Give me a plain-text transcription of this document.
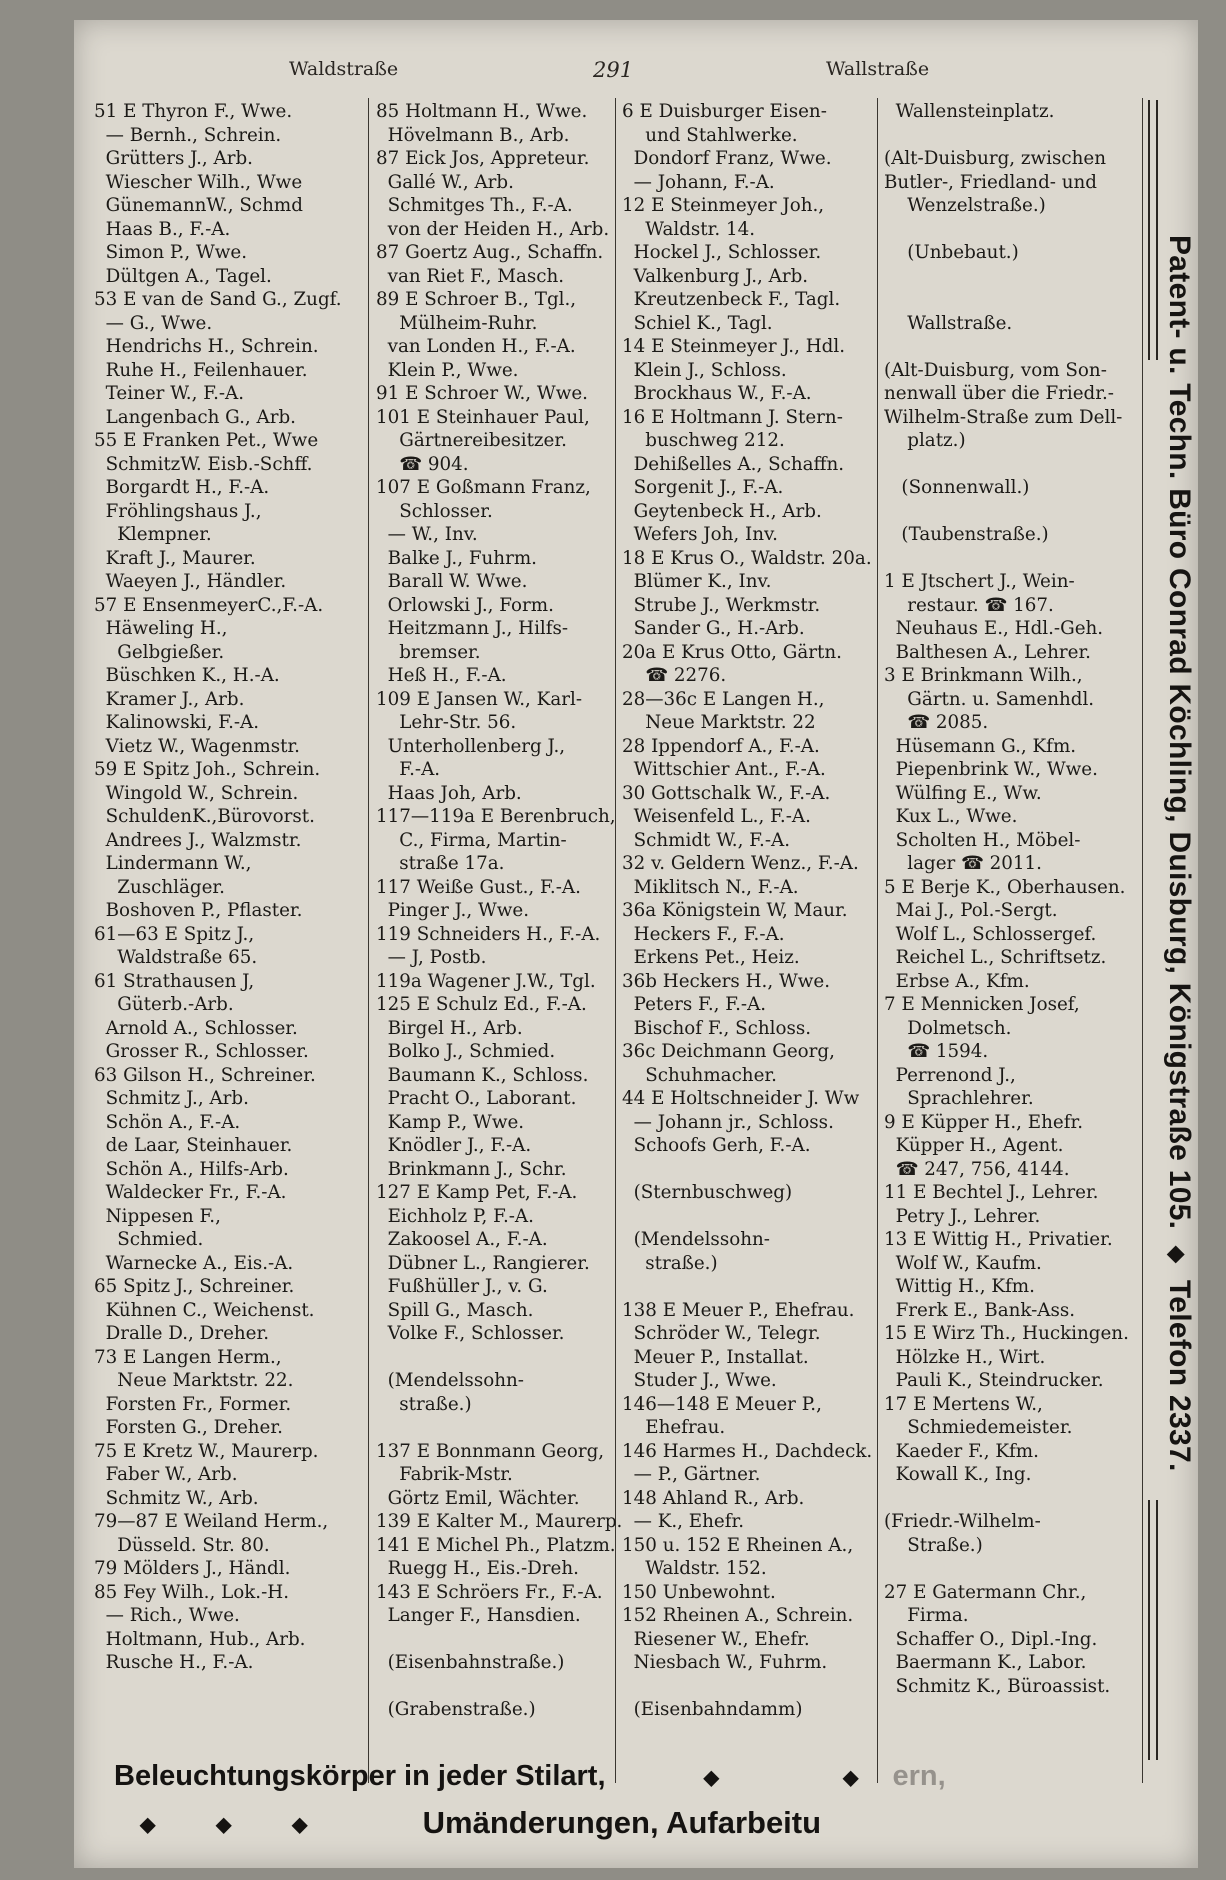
Waldstraße	291	Wallstraße
51 E Thyron F., Wwe.
— Bernh., Schrein.
Grütters J., Arb.
Wiescher Wilh., Wwe
GünemannW., Schmd
Haas B., F.-A.
Simon P., Wwe.
Dültgen A., Tagel.
53 E van de Sand G., Zugf.
— G., Wwe.
Hendrichs H., Schrein.
Ruhe H., Feilenhauer.
Teiner W., F.-A.
Langenbach G., Arb.
55 E Franken Pet., Wwe
SchmitzW. Eisb.-Schff.
Borgardt H., F.-A.
Fröhlingshaus J.,
Klempner.
Kraft J., Maurer.
Waeyen J., Händler.
57 E EnsenmeyerC.,F.-A.
Häweling H.,
Gelbgießer.
Büschken K., H.-A.
Kramer J., Arb.
Kalinowski, F.-A.
Vietz W., Wagenmstr.
59 E Spitz Joh., Schrein.
Wingold W., Schrein.
SchuldenK.,Bürovorst.
Andrees J., Walzmstr.
Lindermann W.,
Zuschläger.
Boshoven P., Pflaster.
61—63 E Spitz J.,
Waldstraße 65.
61 Strathausen J,
Güterb.-Arb.
Arnold A., Schlosser.
Grosser R., Schlosser.
63 Gilson H., Schreiner.
Schmitz J., Arb.
Schön A., F.-A.
de Laar, Steinhauer.
Schön A., Hilfs-Arb.
Waldecker Fr., F.-A.
Nippesen F.,
Schmied.
Warnecke A., Eis.-A.
65 Spitz J., Schreiner.
Kühnen C., Weichenst.
Dralle D., Dreher.
73 E Langen Herm.,
Neue Marktstr. 22.
Forsten Fr., Former.
Forsten G., Dreher.
75 E Kretz W., Maurerp.
Faber W., Arb.
Schmitz W., Arb.
79—87 E Weiland Herm.,
Düsseld. Str. 80.
79 Mölders J., Händl.
85 Fey Wilh., Lok.-H.
— Rich., Wwe.
Holtmann, Hub., Arb.
Rusche H., F.-A.
85 Holtmann H., Wwe.
Hövelmann B., Arb.
87 Eick Jos, Appreteur.
Gallé W., Arb.
Schmitges Th., F.-A.
von der Heiden H., Arb.
87 Goertz Aug., Schaffn.
van Riet F., Masch.
89 E Schroer B., Tgl.,
Mülheim-Ruhr.
van Londen H., F.-A.
Klein P., Wwe.
91 E Schroer W., Wwe.
101 E Steinhauer Paul,
Gärtnereibesitzer.
☎ 904.
107 E Goßmann Franz,
Schlosser.
— W., Inv.
Balke J., Fuhrm.
Barall W. Wwe.
Orlowski J., Form.
Heitzmann J., Hilfs-
bremser.
Heß H., F.-A.
109 E Jansen W., Karl-
Lehr-Str. 56.
Unterhollenberg J.,
F.-A.
Haas Joh, Arb.
117—119a E Berenbruch,
C., Firma, Martin-
straße 17a.
117 Weiße Gust., F.-A.
Pinger J., Wwe.
119 Schneiders H., F.-A.
— J, Postb.
119a Wagener J.W., Tgl.
125 E Schulz Ed., F.-A.
Birgel H., Arb.
Bolko J., Schmied.
Baumann K., Schloss.
Pracht O., Laborant.
Kamp P., Wwe.
Knödler J., F.-A.
Brinkmann J., Schr.
127 E Kamp Pet, F.-A.
Eichholz P, F.-A.
Zakoosel A., F.-A.
Dübner L., Rangierer.
Fußhüller J., v. G.
Spill G., Masch.
Volke F., Schlosser.
(Mendelssohn-
straße.)
137 E Bonnmann Georg,
Fabrik-Mstr.
Görtz Emil, Wächter.
139 E Kalter M., Maurerp.
141 E Michel Ph., Platzm.
Ruegg H., Eis.-Dreh.
143 E Schröers Fr., F.-A.
Langer F., Hansdien.
(Eisenbahnstraße.)
(Grabenstraße.)
6 E Duisburger Eisen-
und Stahlwerke.
Dondorf Franz, Wwe.
— Johann, F.-A.
12 E Steinmeyer Joh.,
Waldstr. 14.
Hockel J., Schlosser.
Valkenburg J., Arb.
Kreutzenbeck F., Tagl.
Schiel K., Tagl.
14 E Steinmeyer J., Hdl.
Klein J., Schloss.
Brockhaus W., F.-A.
16 E Holtmann J. Stern-
buschweg 212.
Dehißelles A., Schaffn.
Sorgenit J., F.-A.
Geytenbeck H., Arb.
Wefers Joh, Inv.
18 E Krus O., Waldstr. 20a.
Blümer K., Inv.
Strube J., Werkmstr.
Sander G., H.-Arb.
20a E Krus Otto, Gärtn.
☎ 2276.
28—36c E Langen H.,
Neue Marktstr. 22
28 Ippendorf A., F.-A.
Wittschier Ant., F.-A.
30 Gottschalk W., F.-A.
Weisenfeld L., F.-A.
Schmidt W., F.-A.
32 v. Geldern Wenz., F.-A.
Miklitsch N., F.-A.
36a Königstein W, Maur.
Heckers F., F.-A.
Erkens Pet., Heiz.
36b Heckers H., Wwe.
Peters F., F.-A.
Bischof F., Schloss.
36c Deichmann Georg,
Schuhmacher.
44 E Holtschneider J. Ww
— Johann jr., Schloss.
Schoofs Gerh, F.-A.
(Sternbuschweg)
(Mendelssohn-
straße.)
138 E Meuer P., Ehefrau.
Schröder W., Telegr.
Meuer P., Installat.
Studer J., Wwe.
146—148 E Meuer P.,
Ehefrau.
146 Harmes H., Dachdeck.
— P., Gärtner.
148 Ahland R., Arb.
— K., Ehefr.
150 u. 152 E Rheinen A.,
Waldstr. 152.
150 Unbewohnt.
152 Rheinen A., Schrein.
Riesener W., Ehefr.
Niesbach W., Fuhrm.
(Eisenbahndamm)
Wallensteinplatz.
(Alt-Duisburg, zwischen
Butler-, Friedland- und
Wenzelstraße.)
(Unbebaut.)
Wallstraße.
(Alt-Duisburg, vom Son-
nenwall über die Friedr.-
Wilhelm-Straße zum Dell-
platz.)
(Sonnenwall.)
(Taubenstraße.)
1 E Jtschert J., Wein-
restaur. ☎ 167.
Neuhaus E., Hdl.-Geh.
Balthesen A., Lehrer.
3 E Brinkmann Wilh.,
Gärtn. u. Samenhdl.
☎ 2085.
Hüsemann G., Kfm.
Piepenbrink W., Wwe.
Wülfing E., Ww.
Kux L., Wwe.
Scholten H., Möbel-
lager ☎ 2011.
5 E Berje K., Oberhausen.
Mai J., Pol.-Sergt.
Wolf L., Schlossergef.
Reichel L., Schriftsetz.
Erbse A., Kfm.
7 E Mennicken Josef,
Dolmetsch.
☎ 1594.
Perrenond J.,
Sprachlehrer.
9 E Küpper H., Ehefr.
Küpper H., Agent.
☎ 247, 756, 4144.
11 E Bechtel J., Lehrer.
Petry J., Lehrer.
13 E Wittig H., Privatier.
Wolf W., Kaufm.
Wittig H., Kfm.
Frerk E., Bank-Ass.
15 E Wirz Th., Huckingen.
Hölzke H., Wirt.
Pauli K., Steindrucker.
17 E Mertens W.,
Schmiedemeister.
Kaeder F., Kfm.
Kowall K., Ing.
(Friedr.-Wilhelm-
Straße.)
27 E Gatermann Chr.,
Firma.
Schaffer O., Dipl.-Ing.
Baermann K., Labor.
Schmitz K., Büroassist.
Patent- u. Techn. Büro Conrad Köchling, Duisburg, Königstraße 105. ◆ Telefon 2337.
Beleuchtungskörper in jeder Stilart,	◆	◆ ern,
◆	◆	◆	Umänderungen, Aufarbeitu
